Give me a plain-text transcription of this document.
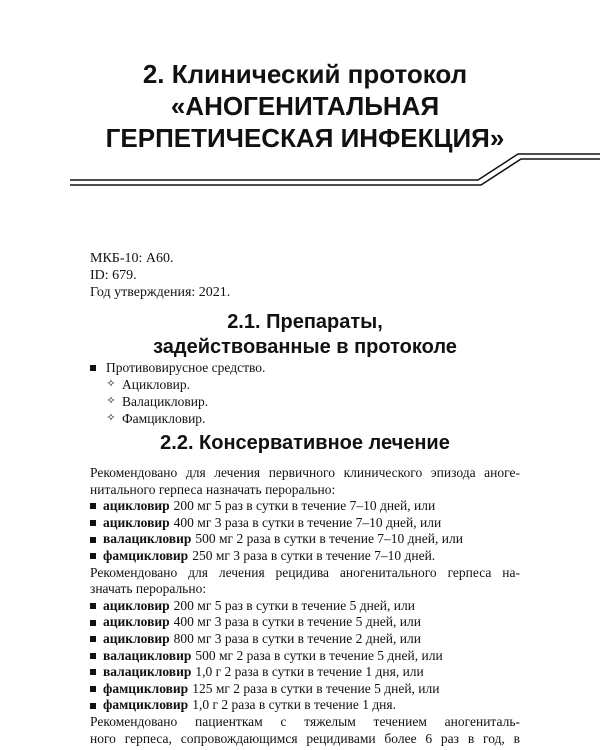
2. Клинический протокол
«АНОГЕНИТАЛЬНАЯ
ГЕРПЕТИЧЕСКАЯ ИНФЕКЦИЯ»
МКБ-10: А60.
ID: 679.
Год утверждения: 2021.
2.1. Препараты,
задействованные в протоколе
Противовирусное средство.
✧ Ацикловир.
✧ Валацикловир.
✧ Фамцикловир.
2.2. Консервативное лечение
Рекомендовано для лечения первичного клинического эпизода аноге-
нитального герпеса назначать перорально:
ацикловир 200 мг 5 раз в сутки в течение 7–10 дней, или
ацикловир 400 мг 3 раза в сутки в течение 7–10 дней, или
валацикловир 500 мг 2 раза в сутки в течение 7–10 дней, или
фамцикловир 250 мг 3 раза в сутки в течение 7–10 дней.
Рекомендовано для лечения рецидива аногенитального герпеса на-
значать перорально:
ацикловир 200 мг 5 раз в сутки в течение 5 дней, или
ацикловир 400 мг 3 раза в сутки в течение 5 дней, или
ацикловир 800 мг 3 раза в сутки в течение 2 дней, или
валацикловир 500 мг 2 раза в сутки в течение 5 дней, или
валацикловир 1,0 г 2 раза в сутки в течение 1 дня, или
фамцикловир 125 мг 2 раза в сутки в течение 5 дней, или
фамцикловир 1,0 г 2 раза в сутки в течение 1 дня.
Рекомендовано пациенткам с тяжелым течением аногениталь-
ного герпеса, сопровождающимся рецидивами более 6 раз в год, в
